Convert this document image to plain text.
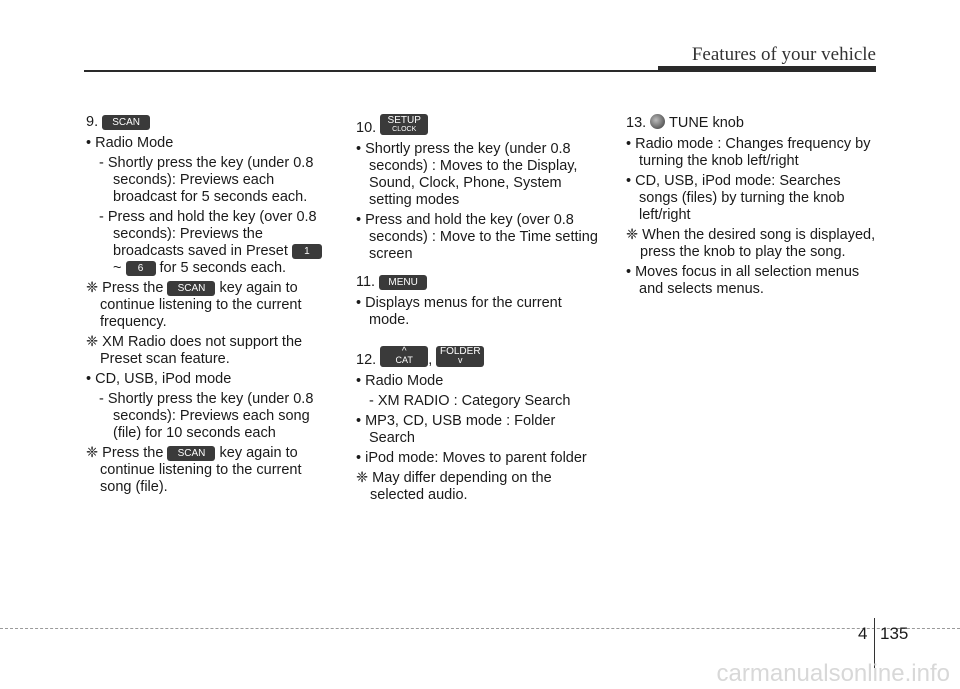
Features of your vehicle
9. SCAN
• Radio Mode
- Shortly press the key (under 0.8 seconds): Previews each broadcast for 5 seconds each.
- Press and hold the key (over 0.8 seconds): Previews the broadcasts saved in Preset 1 ~ 6 for 5 seconds each.
❈ Press the SCAN key again to continue listening to the current frequency.
❈ XM Radio does not support the Preset scan feature.
• CD, USB, iPod mode
- Shortly press the key (under 0.8 seconds): Previews each song (file) for 10 seconds each
❈ Press the SCAN key again to continue listening to the current song (file).
10. SETUP
CLOCK
• Shortly press the key (under 0.8 seconds) : Moves to the Display, Sound, Clock, Phone, System setting modes
• Press and hold the key (over 0.8 seconds) : Move to the Time setting screen
11. MENU
• Displays menus for the current mode.
12. ^
CAT	, FOLDER
v
• Radio Mode
- XM RADIO : Category Search
• MP3, CD, USB mode : Folder Search
• iPod mode: Moves to parent folder
❈ May differ depending on the selected audio.
13. TUNE knob
• Radio mode : Changes frequency by turning the knob left/right
• CD, USB, iPod mode: Searches songs (files) by turning the knob left/right
❈ When the desired song is displayed, press the knob to play the song.
• Moves focus in all selection menus and selects menus.
4 135
carmanualsonline.info
